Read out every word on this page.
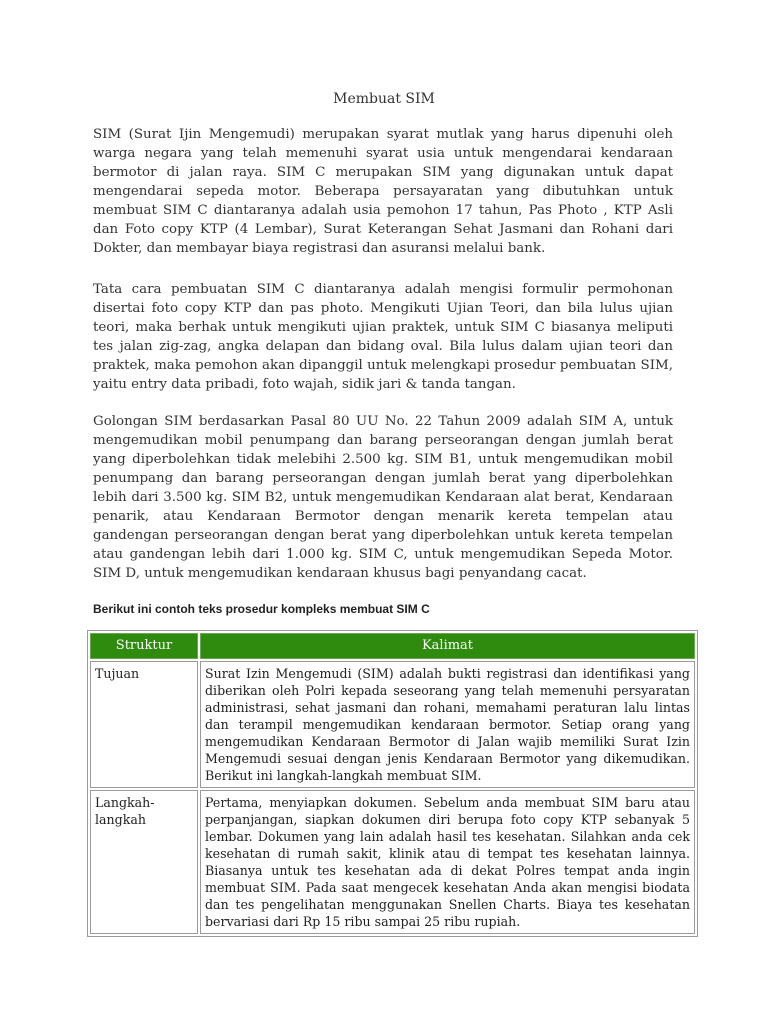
Membuat SIM

SIM (Surat Ijin Mengemudi) merupakan syarat mutlak yang harus dipenuhi oleh warga negara yang telah memenuhi syarat usia untuk mengendarai kendaraan bermotor di jalan raya. SIM C merupakan SIM yang digunakan untuk dapat mengendarai sepeda motor. Beberapa persayaratan yang dibutuhkan untuk membuat SIM C diantaranya adalah usia pemohon 17 tahun, Pas Photo , KTP Asli dan Foto copy KTP (4 Lembar), Surat Keterangan Sehat Jasmani dan Rohani dari Dokter, dan membayar biaya registrasi dan asuransi melalui bank.

Tata cara pembuatan SIM C diantaranya adalah mengisi formulir permohonan disertai foto copy KTP dan pas photo. Mengikuti Ujian Teori, dan bila lulus ujian teori, maka berhak untuk mengikuti ujian praktek, untuk SIM C biasanya meliputi tes jalan zig-zag, angka delapan dan bidang oval. Bila lulus dalam ujian teori dan praktek, maka pemohon akan dipanggil untuk melengkapi prosedur pembuatan SIM, yaitu entry data pribadi, foto wajah, sidik jari & tanda tangan.

Golongan SIM berdasarkan Pasal 80 UU No. 22 Tahun 2009 adalah SIM A, untuk mengemudikan mobil penumpang dan barang perseorangan dengan jumlah berat yang diperbolehkan tidak melebihi 2.500 kg. SIM B1, untuk mengemudikan mobil penumpang dan barang perseorangan dengan jumlah berat yang diperbolehkan lebih dari 3.500 kg. SIM B2, untuk mengemudikan Kendaraan alat berat, Kendaraan penarik, atau Kendaraan Bermotor dengan menarik kereta tempelan atau gandengan perseorangan dengan berat yang diperbolehkan untuk kereta tempelan atau gandengan lebih dari 1.000 kg. SIM C, untuk mengemudikan Sepeda Motor. SIM D, untuk mengemudikan kendaraan khusus bagi penyandang cacat.

Berikut ini contoh teks prosedur kompleks membuat SIM C
Struktur	Kalimat
Tujuan	Surat Izin Mengemudi (SIM) adalah bukti registrasi dan identifikasi yang diberikan oleh Polri kepada seseorang yang telah memenuhi persyaratan administrasi, sehat jasmani dan rohani, memahami peraturan lalu lintas dan terampil mengemudikan kendaraan bermotor. Setiap orang yang mengemudikan Kendaraan Bermotor di Jalan wajib memiliki Surat Izin Mengemudi sesuai dengan jenis Kendaraan Bermotor yang dikemudikan. Berikut ini langkah-langkah membuat SIM.
Langkah-langkah	Pertama, menyiapkan dokumen. Sebelum anda membuat SIM baru atau perpanjangan, siapkan dokumen diri berupa foto copy KTP sebanyak 5 lembar. Dokumen yang lain adalah hasil tes kesehatan. Silahkan anda cek kesehatan di rumah sakit, klinik atau di tempat tes kesehatan lainnya. Biasanya untuk tes kesehatan ada di dekat Polres tempat anda ingin membuat SIM. Pada saat mengecek kesehatan Anda akan mengisi biodata dan tes pengelihatan menggunakan Snellen Charts. Biaya tes kesehatan bervariasi dari Rp 15 ribu sampai 25 ribu rupiah.
